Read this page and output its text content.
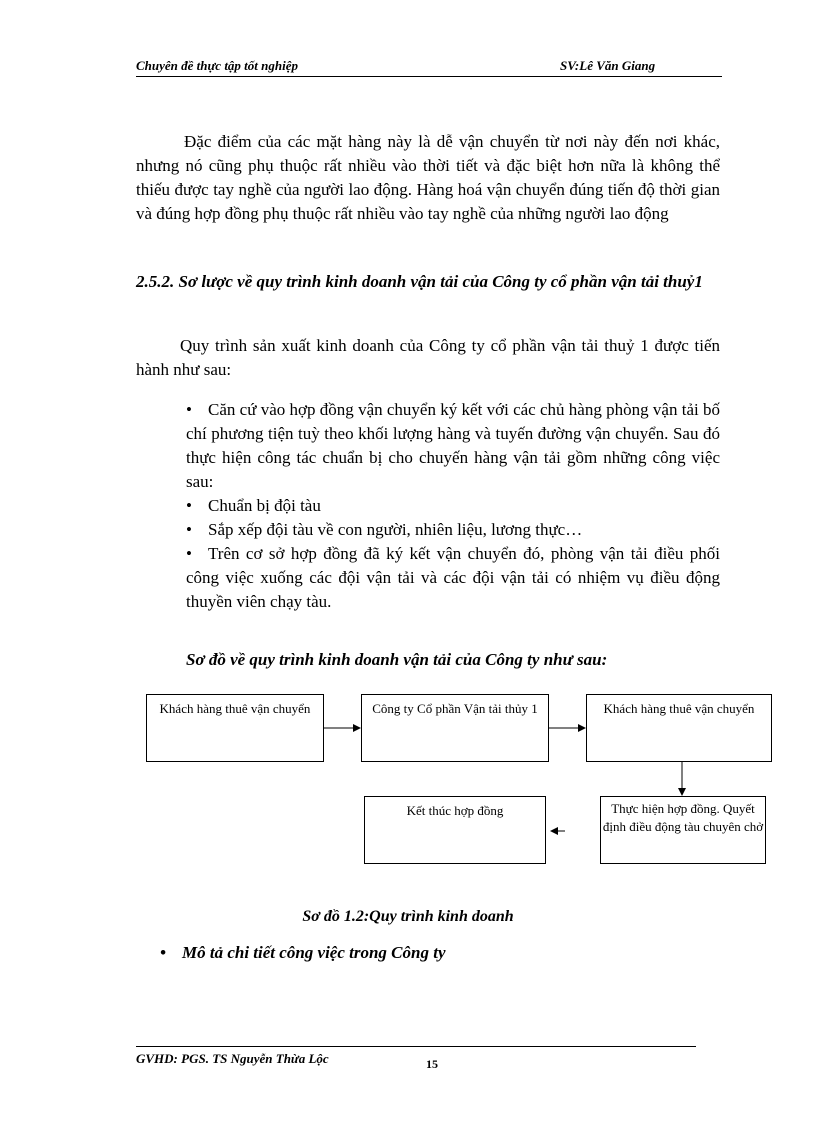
Chuyên đề thực tập tốt nghiệp	SV:Lê Văn Giang

Đặc điểm của các mặt hàng này là dễ vận chuyển từ nơi này đến nơi khác, nhưng nó cũng phụ thuộc rất nhiều vào thời tiết và đặc biệt hơn nữa là không thể thiếu được tay nghề của người lao động. Hàng hoá vận chuyển đúng tiến độ thời gian và đúng hợp đồng phụ thuộc rất nhiều vào tay nghề của những người lao động

2.5.2. Sơ lược về quy trình kinh doanh vận tải của Công ty cổ phần vận tải thuỷ1

Quy trình sản xuất kinh doanh của Công ty cổ phần vận tải thuỷ 1 được tiến hành như sau:

• Căn cứ vào hợp đồng vận chuyển ký kết với các chủ hàng phòng vận tải bố chí phương tiện tuỳ theo khối lượng hàng và tuyến đường vận chuyển. Sau đó thực hiện công tác chuẩn bị cho chuyến hàng vận tải gồm những công việc sau:
• Chuẩn bị đội tàu
• Sắp xếp đội tàu về con người, nhiên liệu, lương thực…
• Trên cơ sở hợp đồng đã ký kết vận chuyển đó, phòng vận tải điều phối công việc xuống các đội vận tải và các đội vận tải có nhiệm vụ điều động thuyền viên chạy tàu.
Sơ đồ về quy trình kinh doanh vận tải của Công ty như sau:
Khách hàng thuê vận chuyển	Công ty Cổ phần Vận tải thủy 1	Khách hàng thuê vận chuyển
Thực hiện hợp đồng. Quyết định điều động tàu chuyên chở
Kết thúc hợp đồng
Sơ đồ 1.2:Quy trình kinh doanh
• Mô tả chi tiết công việc trong Công ty
GVHD: PGS. TS Nguyễn Thừa Lộc	15
